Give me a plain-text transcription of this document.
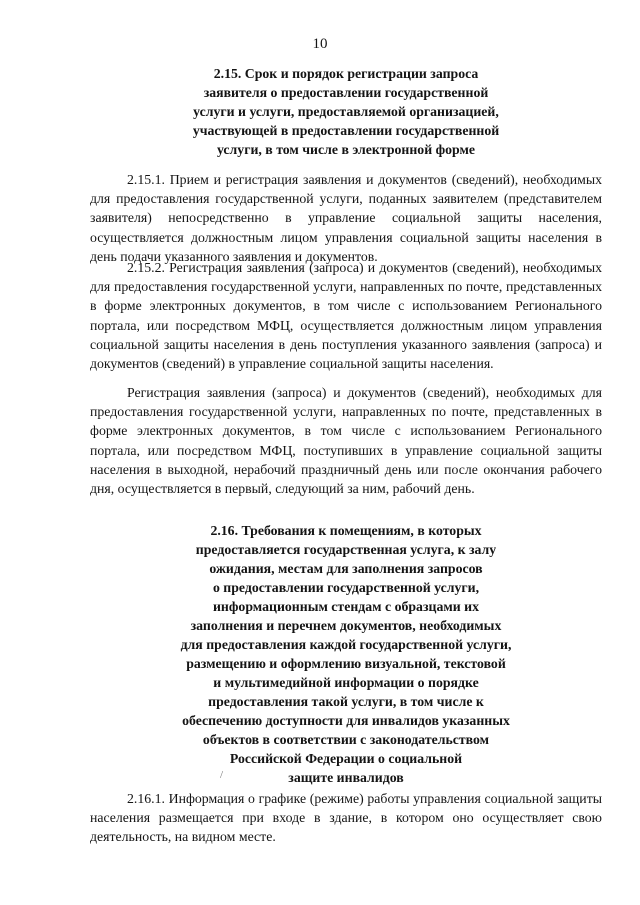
10
2.15. Срок и порядок регистрации запроса
заявителя о предоставлении государственной
услуги и услуги, предоставляемой организацией,
участвующей в предоставлении государственной
услуги, в том числе в электронной форме

2.15.1. Прием и регистрация заявления и документов (сведений), необходимых для предоставления государственной услуги, поданных заявителем (представителем заявителя) непосредственно в управление социальной защиты населения, осуществляется должностным лицом управления социальной защиты населения в день подачи указанного заявления и документов.

2.15.2. Регистрация заявления (запроса) и документов (сведений), необходимых для предоставления государственной услуги, направленных по почте, представленных в форме электронных документов, в том числе с использованием Регионального портала, или посредством МФЦ, осуществляется должностным лицом управления социальной защиты населения в день поступления указанного заявления (запроса) и документов (сведений) в управление социальной защиты населения.

Регистрация заявления (запроса) и документов (сведений), необходимых для предоставления государственной услуги, направленных по почте, представленных в форме электронных документов, в том числе с использованием Регионального портала, или посредством МФЦ, поступивших в управление социальной защиты населения в выходной, нерабочий праздничный день или после окончания рабочего дня, осуществляется в первый, следующий за ним, рабочий день.

2.16. Требования к помещениям, в которых
предоставляется государственная услуга, к залу
ожидания, местам для заполнения запросов
о предоставлении государственной услуги,
информационным стендам с образцами их
заполнения и перечнем документов, необходимых
для предоставления каждой государственной услуги,
размещению и оформлению визуальной, текстовой
и мультимедийной информации о порядке
предоставления такой услуги, в том числе к
обеспечению доступности для инвалидов указанных
объектов в соответствии с законодательством
Российской Федерации о социальной
защите инвалидов
/

2.16.1. Информация о графике (режиме) работы управления социальной защиты населения размещается при входе в здание, в котором оно осуществляет свою деятельность, на видном месте.
